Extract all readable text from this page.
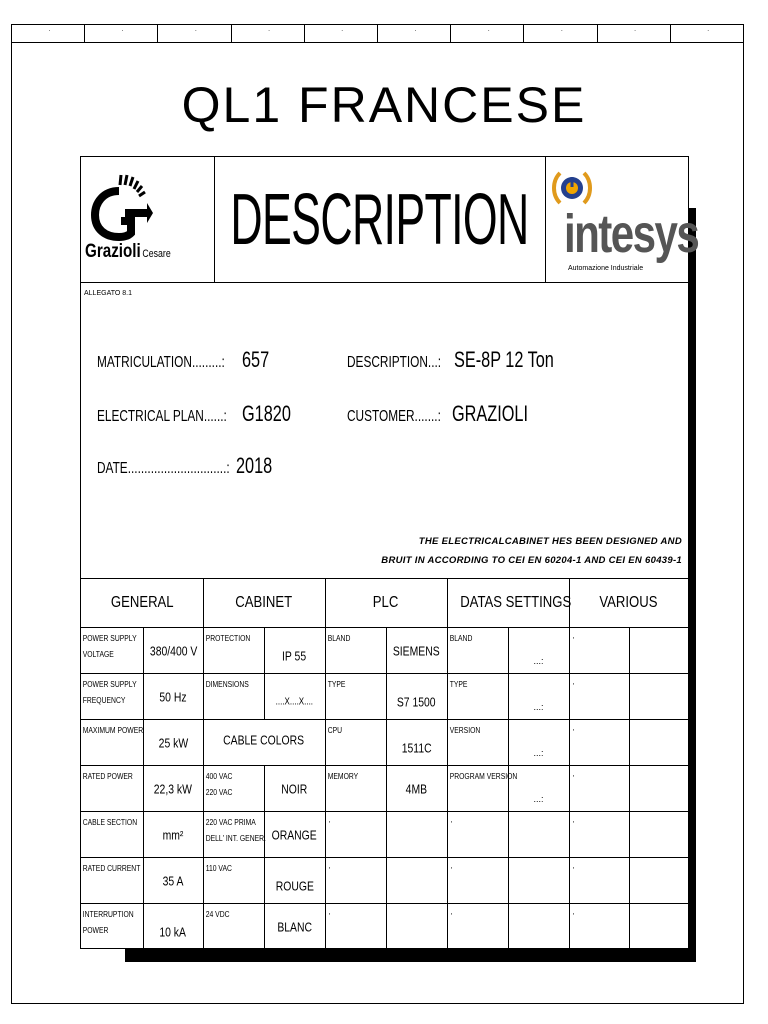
·
·
·
·
·
·
·
·
·
·
QL1 FRANCESE
Grazioli Cesare DESCRIPTION intesys
Automazione Industriale
ALLEGATO 8.1
MATRICULATION.........: 657	DESCRIPTION...: SE-8P 12 Ton
ELECTRICAL PLAN......: G1820	CUSTOMER.......: GRAZIOLI
DATE..............................: 2018
THE ELECTRICALCABINET HES BEEN DESIGNED AND
BRUIT IN ACCORDING TO CEI EN 60204-1 AND CEI EN 60439-1
GENERAL		CABINET		PLC		DATAS SETTINGS		VARIOUS	

POWER SUPPLY
VOLTAGE	380/400 V	PROTECTION	IP 55	BLAND	SIEMENS	BLAND	...:	,	

POWER SUPPLY
FREQUENCY	50 Hz	DIMENSIONS	....X....X....	TYPE	S7 1500	TYPE	...:	,	

MAXIMUM POWER	25 kW	CABLE COLORS		CPU	1511C	VERSION	...:	,	

RATED POWER	22,3 kW	400 VAC
220 VAC	NOIR	MEMORY	4MB	PROGRAM VERSION	...:	,	

CABLE SECTION	mm²	220 VAC PRIMA
DELL' INT. GENER.	ORANGE	,		,		,	

RATED CURRENT	35 A	110 VAC	ROUGE	,		,		,	

INTERRUPTION
POWER	10 kA	24 VDC	BLANC	,		,		,	
